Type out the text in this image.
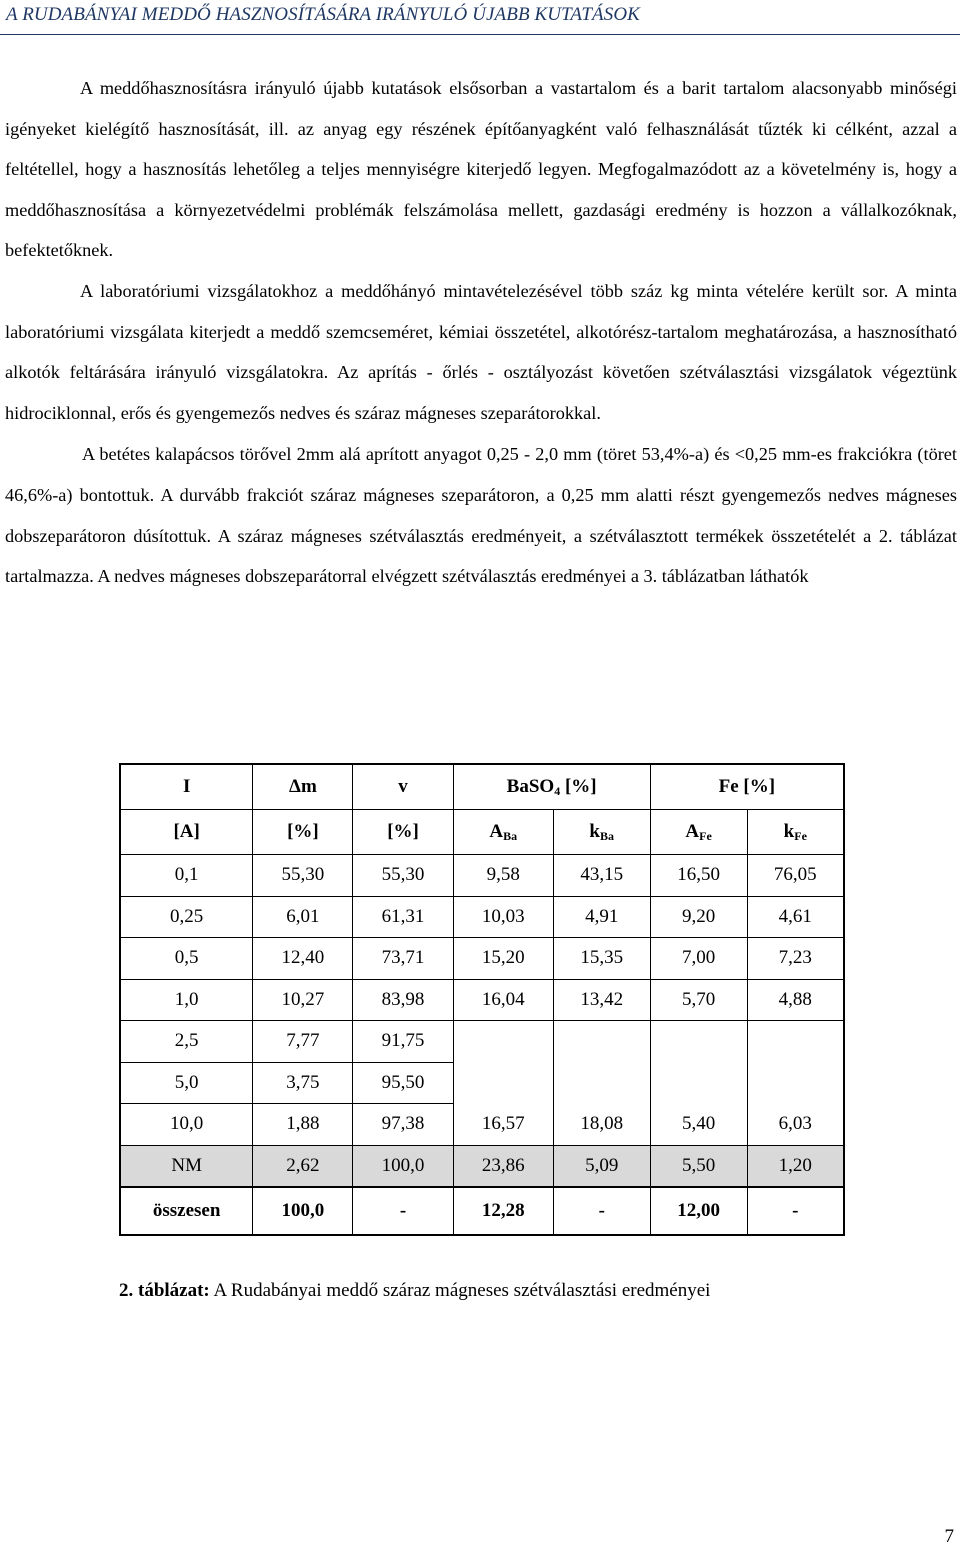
A RUDABÁNYAI MEDDŐ HASZNOSÍTÁSÁRA IRÁNYULÓ ÚJABB KUTATÁSOK

A meddőhasznosításra irányuló újabb kutatások elsősorban a vastartalom és a barit tartalom alacsonyabb minőségi igényeket kielégítő hasznosítását, ill. az anyag egy részének építőanyagként való felhasználását tűzték ki célként, azzal a feltétellel, hogy a hasznosítás lehetőleg a teljes mennyiségre kiterjedő legyen. Megfogalmazódott az a követelmény is, hogy a meddőhasznosítása a környezetvédelmi problémák felszámolása mellett, gazdasági eredmény is hozzon a vállalkozóknak, befektetőknek.

A laboratóriumi vizsgálatokhoz a meddőhányó mintavételezésével több száz kg minta vételére került sor. A minta laboratóriumi vizsgálata kiterjedt a meddő szemcseméret, kémiai összetétel, alkotórész-tartalom meghatározása, a hasznosítható alkotók feltárására irányuló vizsgálatokra. Az aprítás - őrlés - osztályozást követően szétválasztási vizsgálatok végeztünk hidrociklonnal, erős és gyengemezős nedves és száraz mágneses szeparátorokkal.

A betétes kalapácsos törővel 2mm alá aprított anyagot 0,25 - 2,0 mm (töret 53,4%-a) és <0,25 mm-es frakciókra (töret 46,6%-a) bontottuk. A durvább frakciót száraz mágneses szeparátoron, a 0,25 mm alatti részt gyengemezős nedves mágneses dobszeparátoron dúsítottuk. A száraz mágneses szétválasztás eredményeit, a szétválasztott termékek összetételét a 2. táblázat tartalmazza. A nedves mágneses dobszeparátorral elvégzett szétválasztás eredményei a 3. táblázatban láthatók

I	Δm	v	BaSO$_4$ [%]		Fe [%]	
[A]	[%]	[%]	$A_{Ba}$	$k_{Ba}$	$A_{Fe}$	$k_{Fe}$
0,1	55,30	55,30	9,58	43,15	16,50	76,05
0,25	6,01	61,31	10,03	4,91	9,20	4,61
0,5	12,40	73,71	15,20	15,35	7,00	7,23
1,0	10,27	83,98	16,04	13,42	5,70	4,88
2,5	7,77	91,75				
5,0	3,75	95,50				
10,0	1,88	97,38	16,57	18,08	5,40	6,03
NM	2,62	100,0	23,86	5,09	5,50	1,20
összesen	100,0	-	12,28	-	12,00	-
2. táblázat: A Rudabányai meddő száraz mágneses szétválasztási eredményei
7
